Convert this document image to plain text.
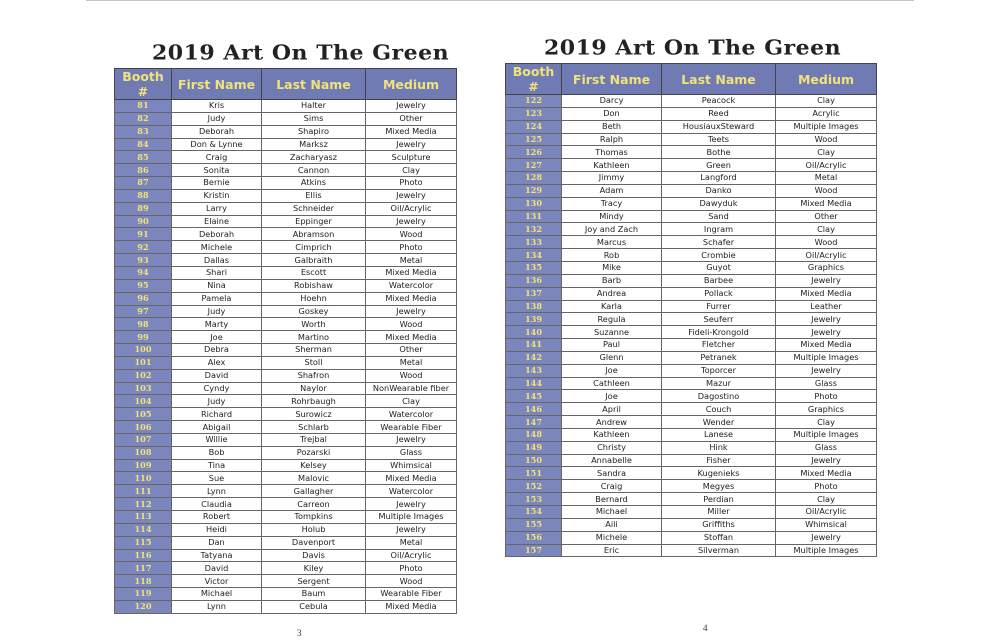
2019 Art On The Green
Booth #	First Name	Last Name	Medium
81	Kris	Halter	Jewelry
82	Judy	Sims	Other
83	Deborah	Shapiro	Mixed Media
84	Don & Lynne	Marksz	Jewelry
85	Craig	Zacharyasz	Sculpture
86	Sonita	Cannon	Clay
87	Bernie	Atkins	Photo
88	Kristin	Ellis	Jewelry
89	Larry	Schneider	Oil/Acrylic
90	Elaine	Eppinger	Jewelry
91	Deborah	Abramson	Wood
92	Michele	Cimprich	Photo
93	Dallas	Galbraith	Metal
94	Shari	Escott	Mixed Media
95	Nina	Robishaw	Watercolor
96	Pamela	Hoehn	Mixed Media
97	Judy	Goskey	Jewelry
98	Marty	Worth	Wood
99	Joe	Martino	Mixed Media
100	Debra	Sherman	Other
101	Alex	Stoll	Metal
102	David	Shafron	Wood
103	Cyndy	Naylor	NonWearable fiber
104	Judy	Rohrbaugh	Clay
105	Richard	Surowicz	Watercolor
106	Abigail	Schlarb	Wearable Fiber
107	Willie	Trejbal	Jewelry
108	Bob	Pozarski	Glass
109	Tina	Kelsey	Whimsical
110	Sue	Malovic	Mixed Media
111	Lynn	Gallagher	Watercolor
112	Claudia	Carreon	Jewelry
113	Robert	Tompkins	Multiple Images
114	Heidi	Holub	Jewelry
115	Dan	Davenport	Metal
116	Tatyana	Davis	Oil/Acrylic
117	David	Kiley	Photo
118	Victor	Sergent	Wood
119	Michael	Baum	Wearable Fiber
120	Lynn	Cebula	Mixed Media
3
2019 Art On The Green
Booth #	First Name	Last Name	Medium
122	Darcy	Peacock	Clay
123	Don	Reed	Acrylic
124	Beth	HousiauxSteward	Multiple Images
125	Ralph	Teets	Wood
126	Thomas	Bothe	Clay
127	Kathleen	Green	Oil/Acrylic
128	Jimmy	Langford	Metal
129	Adam	Danko	Wood
130	Tracy	Dawyduk	Mixed Media
131	Mindy	Sand	Other
132	Joy and Zach	Ingram	Clay
133	Marcus	Schafer	Wood
134	Rob	Crombie	Oil/Acrylic
135	Mike	Guyot	Graphics
136	Barb	Barbee	Jewelry
137	Andrea	Pollack	Mixed Media
138	Karla	Furrer	Leather
139	Regula	Seuferr	Jewelry
140	Suzanne	Fideli-Krongold	Jewelry
141	Paul	Fletcher	Mixed Media
142	Glenn	Petranek	Multiple Images
143	Joe	Toporcer	Jewelry
144	Cathleen	Mazur	Glass
145	Joe	Dagostino	Photo
146	April	Couch	Graphics
147	Andrew	Wender	Clay
148	Kathleen	Lanese	Multiple Images
149	Christy	Hink	Glass
150	Annabelle	Fisher	Jewelry
151	Sandra	Kugenieks	Mixed Media
152	Craig	Megyes	Photo
153	Bernard	Perdian	Clay
154	Michael	Miller	Oil/Acrylic
155	Aili	Griffiths	Whimsical
156	Michele	Stoffan	Jewelry
157	Eric	Silverman	Multiple Images
4
